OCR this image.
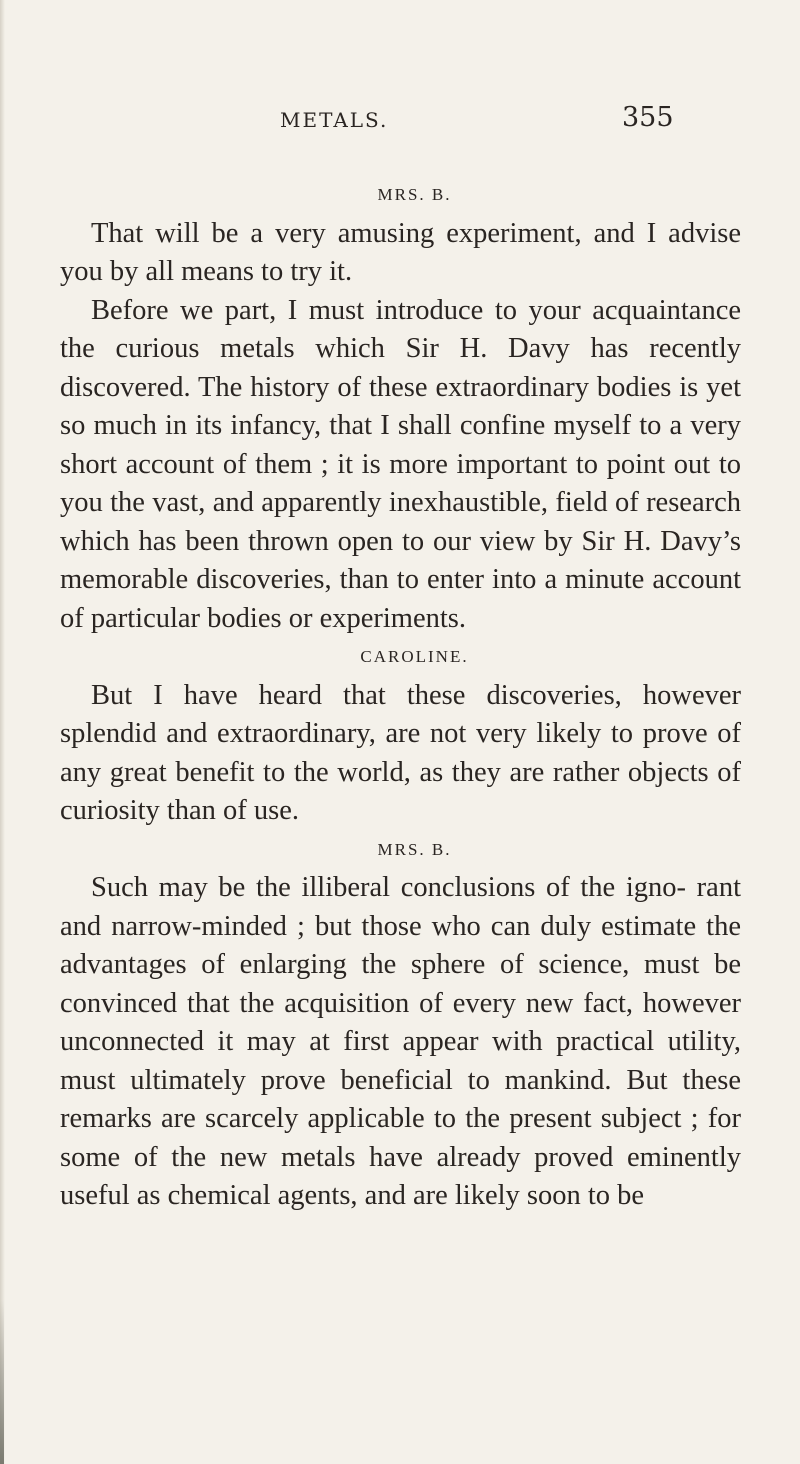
METALS.	355

MRS. B.

That will be a very amusing experiment, and I advise you by all means to try it.

Before we part, I must introduce to your acquaintance the curious metals which Sir H. Davy has recently discovered. The history of these extraordinary bodies is yet so much in its infancy, that I shall confine myself to a very short account of them ; it is more important to point out to you the vast, and apparently inexhaustible, field of research which has been thrown open to our view by Sir H. Davy’s memorable discoveries, than to enter into a minute account of particular bodies or experiments.

CAROLINE.

But I have heard that these discoveries, however splendid and extraordinary, are not very likely to prove of any great benefit to the world, as they are rather objects of curiosity than of use.

MRS. B.

Such may be the illiberal conclusions of the igno- rant and narrow-minded ; but those who can duly estimate the advantages of enlarging the sphere of science, must be convinced that the acquisition of every new fact, however unconnected it may at first appear with practical utility, must ultimately prove beneficial to mankind. But these remarks are scarcely applicable to the present subject ; for some of the new metals have already proved eminently useful as chemical agents, and are likely soon to be
